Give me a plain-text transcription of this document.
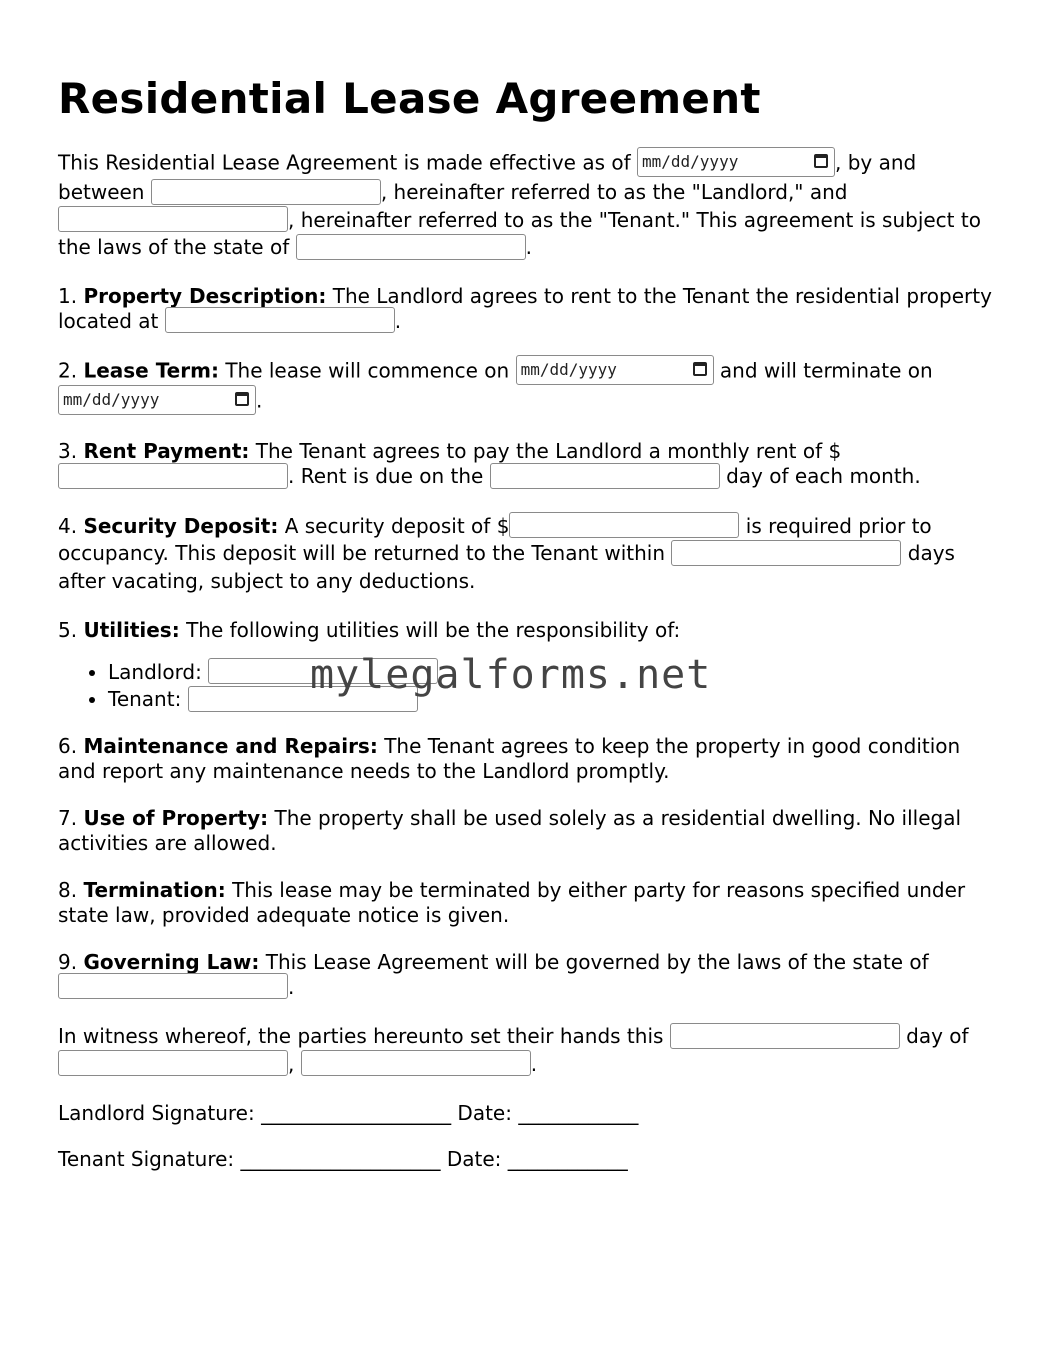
Residential Lease Agreement

This Residential Lease Agreement is made effective as of mm/dd/yyyy	, by and between	, hereinafter referred to as the "Landlord," and , hereinafter referred to as the "Tenant." This agreement is subject to the laws of the state of	.

1. Property Description: The Landlord agrees to rent to the Tenant the residential property located at	.

2. Lease Term: The lease will commence on mm/dd/yyyy	and will terminate on mm/dd/yyyy	.

3. Rent Payment: The Tenant agrees to pay the Landlord a monthly rent of $ . Rent is due on the	day of each month.

4. Security Deposit: A security deposit of $	is required prior to occupancy. This deposit will be returned to the Tenant within	days after vacating, subject to any deductions.

5. Utilities: The following utilities will be the responsibility of:

• Landlord:
• Tenant:

6. Maintenance and Repairs: The Tenant agrees to keep the property in good condition and report any maintenance needs to the Landlord promptly.

7. Use of Property: The property shall be used solely as a residential dwelling. No illegal activities are allowed.

8. Termination: This lease may be terminated by either party for reasons specified under state law, provided adequate notice is given.

9. Governing Law: This Lease Agreement will be governed by the laws of the state of .

In witness whereof, the parties hereunto set their hands this	day of ,	.

Landlord Signature: ___________________ Date: ____________

Tenant Signature: ____________________ Date: ____________

mylegalforms.net
